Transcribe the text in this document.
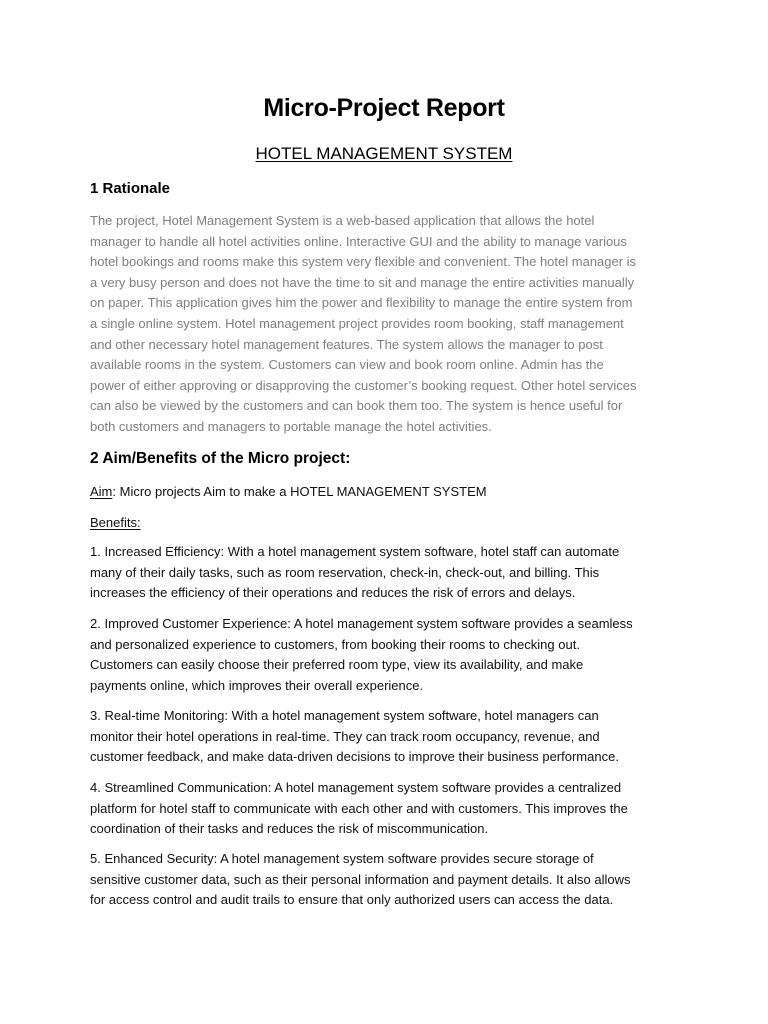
Micro-Project Report
HOTEL MANAGEMENT SYSTEM
1 Rationale
The project, Hotel Management System is a web-based application that allows the hotel
manager to handle all hotel activities online. Interactive GUI and the ability to manage various
hotel bookings and rooms make this system very flexible and convenient. The hotel manager is
a very busy person and does not have the time to sit and manage the entire activities manually
on paper. This application gives him the power and flexibility to manage the entire system from
a single online system. Hotel management project provides room booking, staff management
and other necessary hotel management features. The system allows the manager to post
available rooms in the system. Customers can view and book room online. Admin has the
power of either approving or disapproving the customer’s booking request. Other hotel services
can also be viewed by the customers and can book them too. The system is hence useful for
both customers and managers to portable manage the hotel activities.
2 Aim/Benefits of the Micro project:
Aim: Micro projects Aim to make a HOTEL MANAGEMENT SYSTEM
Benefits:
1. Increased Efficiency: With a hotel management system software, hotel staff can automate
many of their daily tasks, such as room reservation, check-in, check-out, and billing. This
increases the efficiency of their operations and reduces the risk of errors and delays.
2. Improved Customer Experience: A hotel management system software provides a seamless
and personalized experience to customers, from booking their rooms to checking out.
Customers can easily choose their preferred room type, view its availability, and make
payments online, which improves their overall experience.
3. Real-time Monitoring: With a hotel management system software, hotel managers can
monitor their hotel operations in real-time. They can track room occupancy, revenue, and
customer feedback, and make data-driven decisions to improve their business performance.
4. Streamlined Communication: A hotel management system software provides a centralized
platform for hotel staff to communicate with each other and with customers. This improves the
coordination of their tasks and reduces the risk of miscommunication.
5. Enhanced Security: A hotel management system software provides secure storage of
sensitive customer data, such as their personal information and payment details. It also allows
for access control and audit trails to ensure that only authorized users can access the data.
